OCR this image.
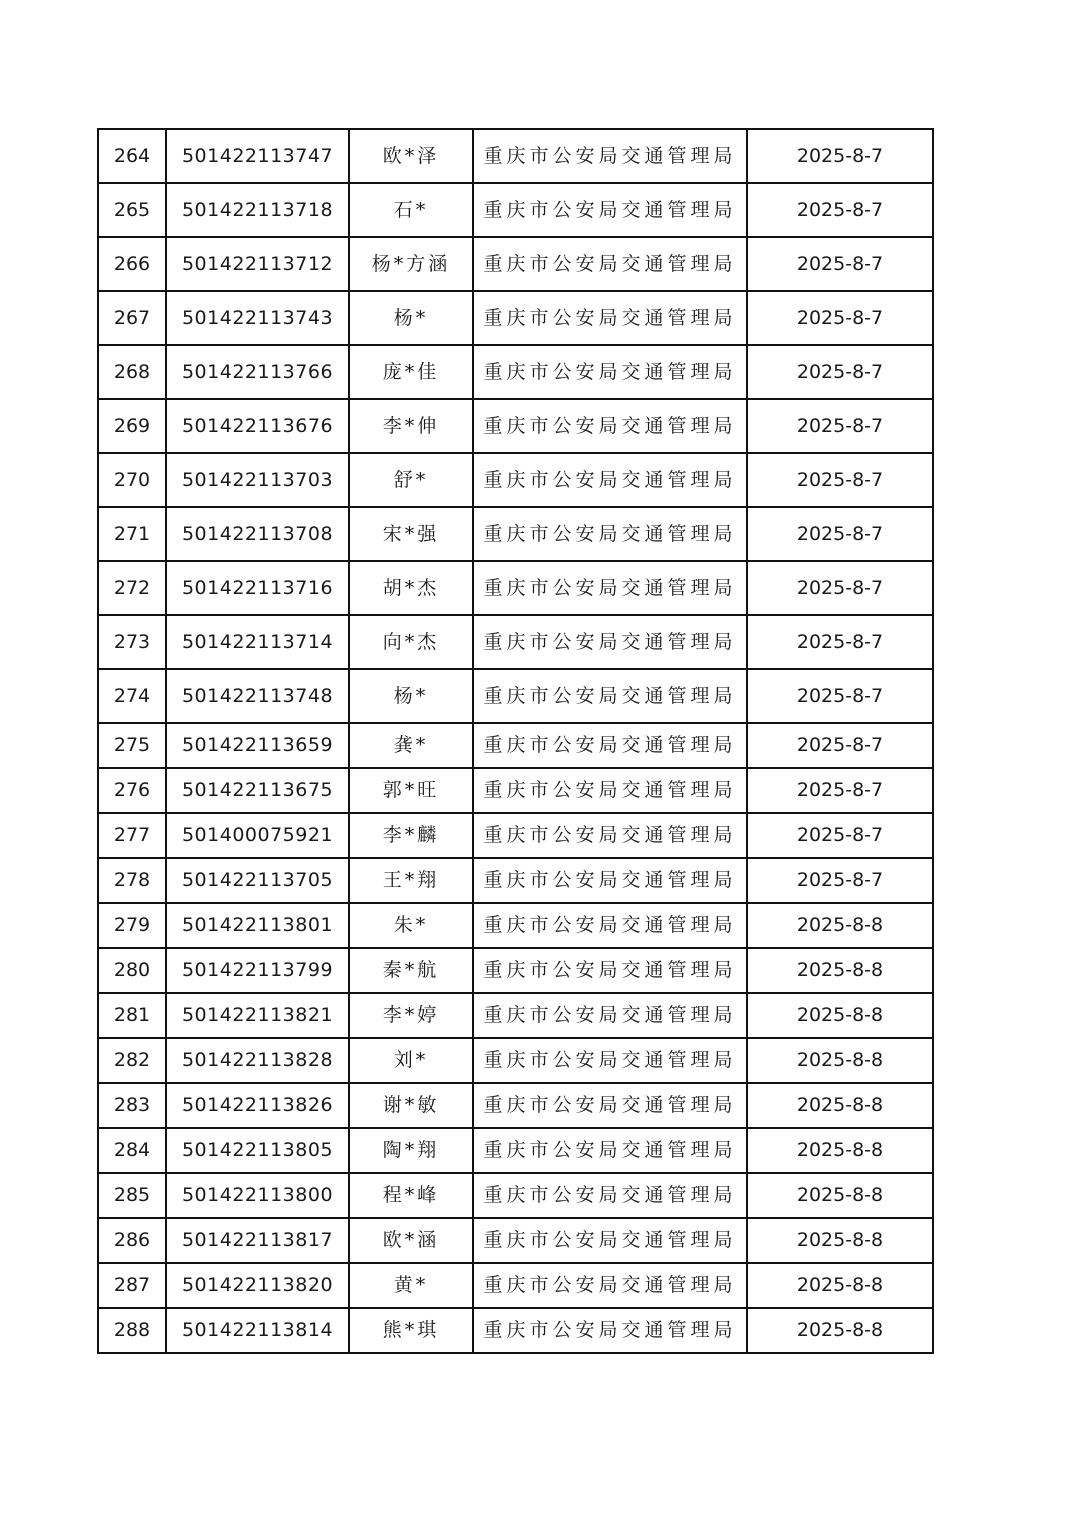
264	501422113747	欧*泽	重庆市公安局交通管理局	2025-8-7
265	501422113718	石*	重庆市公安局交通管理局	2025-8-7
266	501422113712	杨*方涵	重庆市公安局交通管理局	2025-8-7
267	501422113743	杨*	重庆市公安局交通管理局	2025-8-7
268	501422113766	庞*佳	重庆市公安局交通管理局	2025-8-7
269	501422113676	李*伸	重庆市公安局交通管理局	2025-8-7
270	501422113703	舒*	重庆市公安局交通管理局	2025-8-7
271	501422113708	宋*强	重庆市公安局交通管理局	2025-8-7
272	501422113716	胡*杰	重庆市公安局交通管理局	2025-8-7
273	501422113714	向*杰	重庆市公安局交通管理局	2025-8-7
274	501422113748	杨*	重庆市公安局交通管理局	2025-8-7
275	501422113659	龚*	重庆市公安局交通管理局	2025-8-7
276	501422113675	郭*旺	重庆市公安局交通管理局	2025-8-7
277	501400075921	李*麟	重庆市公安局交通管理局	2025-8-7
278	501422113705	王*翔	重庆市公安局交通管理局	2025-8-7
279	501422113801	朱*	重庆市公安局交通管理局	2025-8-8
280	501422113799	秦*航	重庆市公安局交通管理局	2025-8-8
281	501422113821	李*婷	重庆市公安局交通管理局	2025-8-8
282	501422113828	刘*	重庆市公安局交通管理局	2025-8-8
283	501422113826	谢*敏	重庆市公安局交通管理局	2025-8-8
284	501422113805	陶*翔	重庆市公安局交通管理局	2025-8-8
285	501422113800	程*峰	重庆市公安局交通管理局	2025-8-8
286	501422113817	欧*涵	重庆市公安局交通管理局	2025-8-8
287	501422113820	黄*	重庆市公安局交通管理局	2025-8-8
288	501422113814	熊*琪	重庆市公安局交通管理局	2025-8-8
